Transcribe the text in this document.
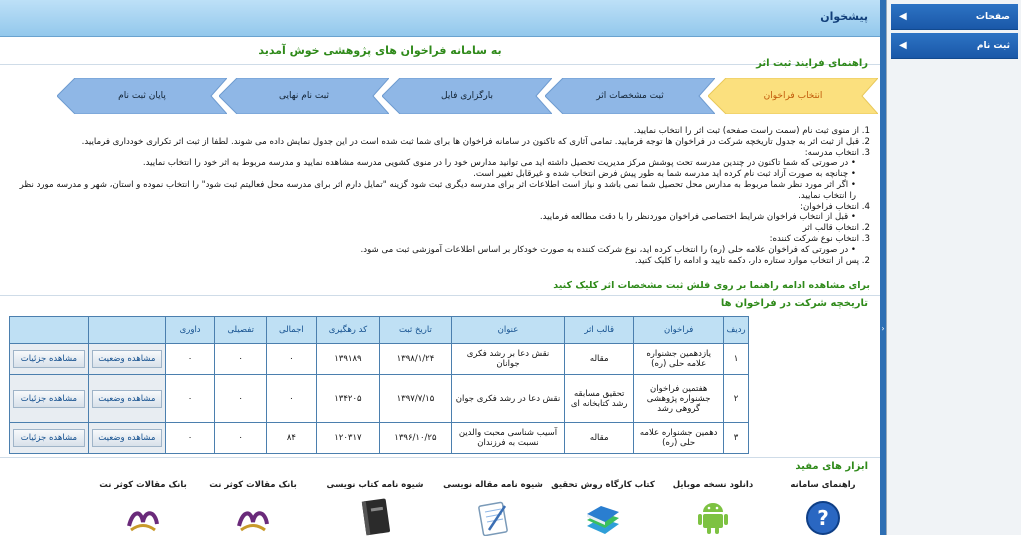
صفحات
◀
ثبت نام
◀
›
پیشخوان
به سامانه فراخوان های پژوهشی خوش آمدید
راهنمای فرایند ثبت اثر
انتخاب فراخوان
ثبت مشخصات اثر
بارگزاری فایل
ثبت نام نهایی
پایان ثبت نام
1. از منوی ثبت نام (سمت راست صفحه) ثبت اثر را انتخاب نمایید.
2. قبل از ثبت اثر به جدول تاریخچه شرکت در فراخوان ها توجه فرمایید. تمامی آثاری که تاکنون در سامانه فراخوان ها برای شما ثبت شده است در این جدول نمایش داده می شوند. لطفا از ثبت اثر تکراری خودداری فرمایید.
3. انتخاب مدرسه:
• در صورتی که شما تاکنون در چندین مدرسه تحت پوشش مرکز مدیریت تحصیل داشته اید می توانید مدارس خود را در منوی کشویی مدرسه مشاهده نمایید و مدرسه مربوط به اثر خود را انتخاب نمایید.
• چنانچه به صورت آزاد ثبت نام کرده اید مدرسه شما به طور پیش فرض انتخاب شده و غیرقابل تغییر است.
• اگر اثر مورد نظر شما مربوط به مدارس محل تحصیل شما نمی باشد و نیاز است اطلاعات اثر برای مدرسه دیگری ثبت شود گزینه "تمایل دارم اثر برای مدرسه محل فعالیتم ثبت شود" را انتخاب نموده و استان، شهر و مدرسه مورد نظر
را انتخاب نمایید.
4. انتخاب فراخوان:
• قبل از انتخاب فراخوان شرایط اختصاصی فراخوان موردنظر را با دقت مطالعه فرمایید.
2. انتخاب قالب اثر
3. انتخاب نوع شرکت کننده:
• در صورتی که فراخوان علامه حلی (ره) را انتخاب کرده اید، نوع شرکت کننده به صورت خودکار بر اساس اطلاعات آموزشی ثبت می شود.
2. پس از انتخاب موارد ستاره دار، دکمه تایید و ادامه را کلیک کنید.
برای مشاهده ادامه راهنما بر روی فلش ثبت مشخصات اثر کلیک کنید
تاریخچه شرکت در فراخوان ها
ردیف	فراخوان	قالب اثر	عنوان	تاریخ ثبت	کد رهگیری	اجمالی	تفصیلی	داوری		
۱	یازدهمین جشنواره علامه حلی (ره)	مقاله	نقش دعا بر رشد فکری جوانان	۱۳۹۸/۱/۲۴	۱۳۹۱۸۹	۰	۰	۰	مشاهده وضعیت	مشاهده جزئیات

۲	هفتمین فراخوان جشنواره پژوهشی گروهی رشد	تحقیق مسابقه رشد کتابخانه ای	نقش دعا در رشد فکری جوان	۱۳۹۷/۷/۱۵	۱۳۴۲۰۵	۰	۰	۰	مشاهده وضعیت	مشاهده جزئیات

۳	دهمین جشنواره علامه حلی (ره)	مقاله	آسیب شناسی محبت والدین نسبت به فرزندان	۱۳۹۶/۱۰/۲۵	۱۲۰۳۱۷	۸۴	۰	۰	مشاهده وضعیت	مشاهده جزئیات
ابزار های مفید
راهنمای سامانه
?
دانلود نسخه موبایل
کتاب کارگاه روش تحقیق
شیوه نامه مقاله نویسی
شیوه نامه کتاب نویسی
بانک مقالات کوثر نت
بانک مقالات کوثر نت
